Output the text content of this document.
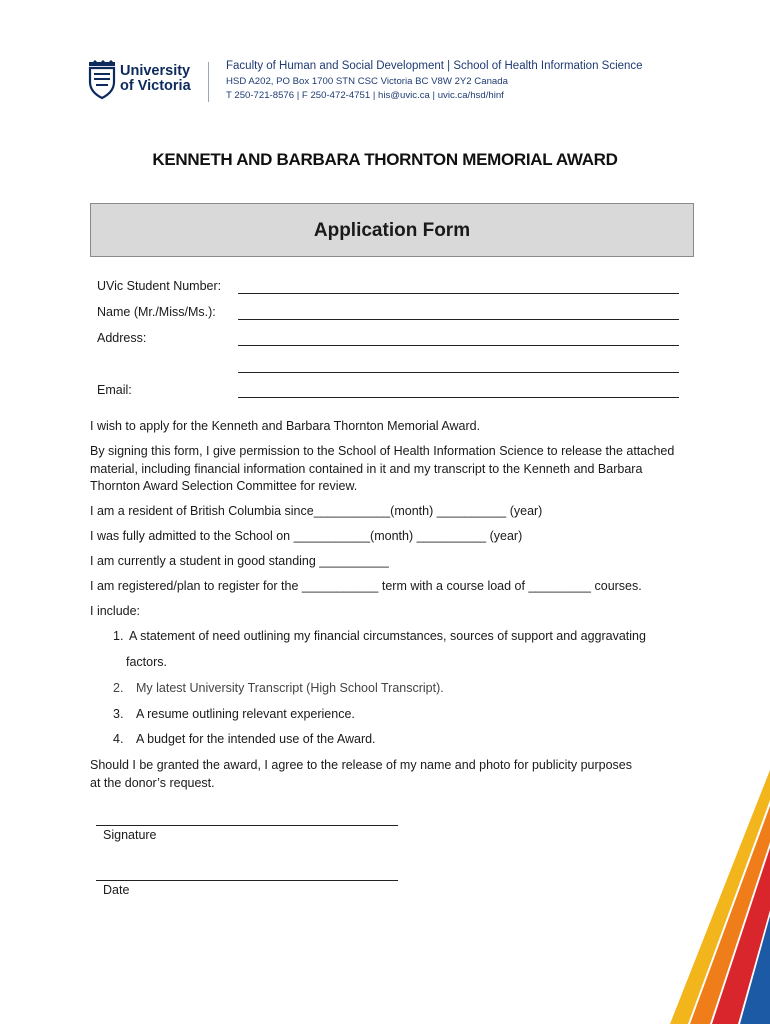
University
of Victoria
Faculty of Human and Social Development | School of Health Information Science
HSD A202, PO Box 1700 STN CSC Victoria BC V8W 2Y2 Canada
T 250-721-8576 | F 250-472-4751 | his@uvic.ca | uvic.ca/hsd/hinf
KENNETH AND BARBARA THORNTON MEMORIAL AWARD
Application Form
UVic Student Number:
Name (Mr./Miss/Ms.):
Address:
Email:
I wish to apply for the Kenneth and Barbara Thornton Memorial Award.
By signing this form, I give permission to the School of Health Information Science to release the attached material, including financial information contained in it and my transcript to the Kenneth and Barbara Thornton Award Selection Committee for review.
I am a resident of British Columbia since___________(month) __________ (year)
I was fully admitted to the School on ___________(month) __________ (year)
I am currently a student in good standing __________
I am registered/plan to register for the ___________ term with a course load of _________ courses.
I include:
1. A statement of need outlining my financial circumstances, sources of support and aggravating
factors.
2. My latest University Transcript (High School Transcript).
3. A resume outlining relevant experience.
4. A budget for the intended use of the Award.
Should I be granted the award, I agree to the release of my name and photo for publicity purposes at the donor’s request.
Signature
Date
